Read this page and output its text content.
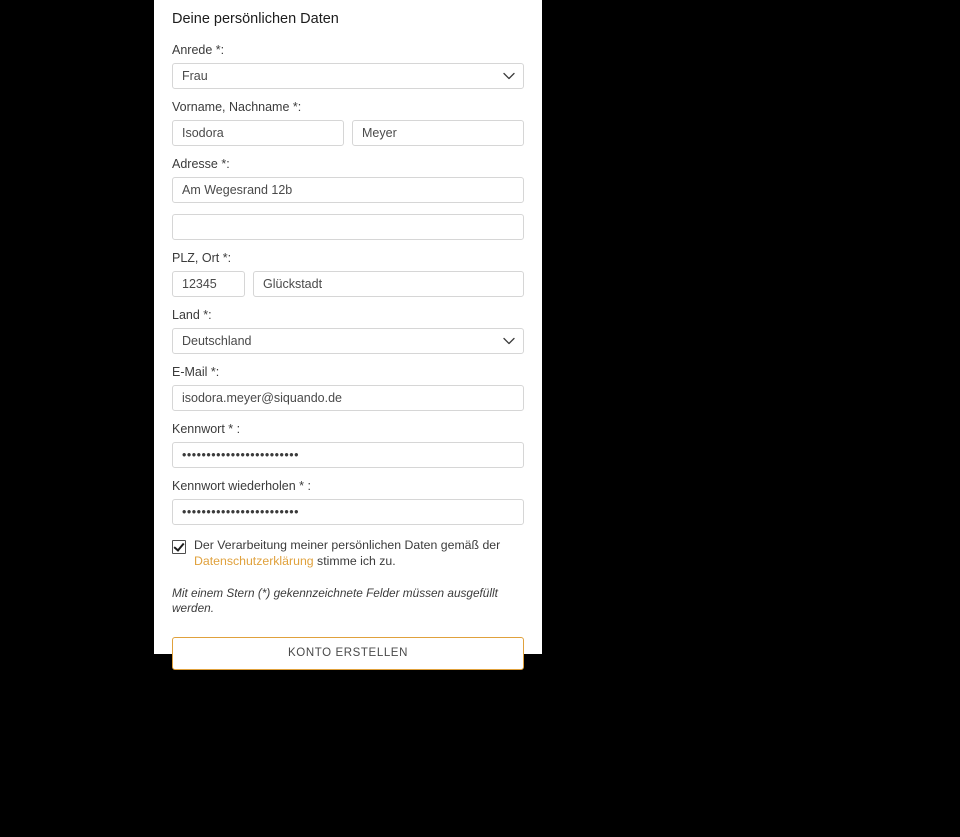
Deine persönlichen Daten
Anrede *:
Frau
Vorname, Nachname *:
Isodora
Meyer
Adresse *:
Am Wegesrand 12b
PLZ, Ort *:
12345
Glückstadt
Land *:
Deutschland
E-Mail *:
isodora.meyer@siquando.de
Kennwort * :
••••••••••••••••••••••••
Kennwort wiederholen * :
••••••••••••••••••••••••
Der Verarbeitung meiner persönlichen Daten gemäß der Datenschutzerklärung stimme ich zu.

Mit einem Stern (*) gekennzeichnete Felder müssen ausgefüllt werden.

KONTO ERSTELLEN
